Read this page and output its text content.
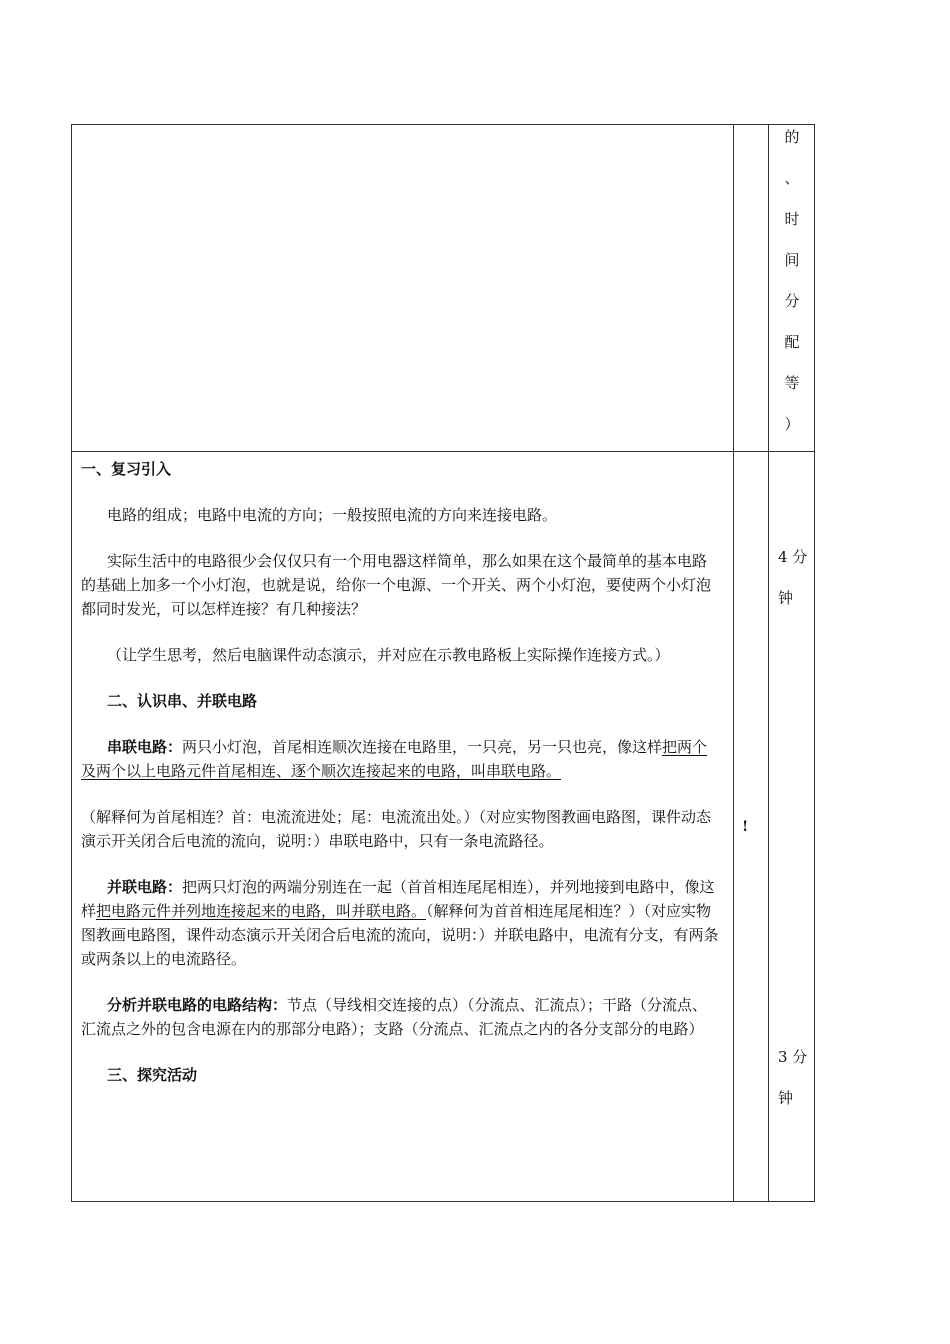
的
、
时
间
分
配
等
）

一、复习引入

电路的组成；电路中电流的方向；一般按照电流的方向来连接电路。

实际生活中的电路很少会仅仅只有一个用电器这样简单，那么如果在这个最简单的基本电路的基础上加多一个小灯泡，也就是说，给你一个电源、一个开关、两个小灯泡，要使两个小灯泡都同时发光，可以怎样连接？有几种接法？

（让学生思考，然后电脑课件动态演示，并对应在示教电路板上实际操作连接方式。）

二、认识串、并联电路

串联电路：两只小灯泡，首尾相连顺次连接在电路里，一只亮，另一只也亮，像这样把两个及两个以上电路元件首尾相连、逐个顺次连接起来的电路，叫串联电路。

（解释何为首尾相连？首：电流流进处；尾：电流流出处。）（对应实物图教画电路图，课件动态演示开关闭合后电流的流向，说明：）串联电路中，只有一条电流路径。

并联电路：把两只灯泡的两端分别连在一起（首首相连尾尾相连），并列地接到电路中，像这样把电路元件并列地连接起来的电路，叫并联电路。（解释何为首首相连尾尾相连？）（对应实物图教画电路图，课件动态演示开关闭合后电流的流向，说明：）并联电路中，电流有分支，有两条或两条以上的电流路径。

分析并联电路的电路结构：节点（导线相交连接的点）（分流点、汇流点）；干路（分流点、汇流点之外的包含电源在内的那部分电路）；支路（分流点、汇流点之内的各分支部分的电路）

三、探究活动

!
4 分
钟
3 分
钟
